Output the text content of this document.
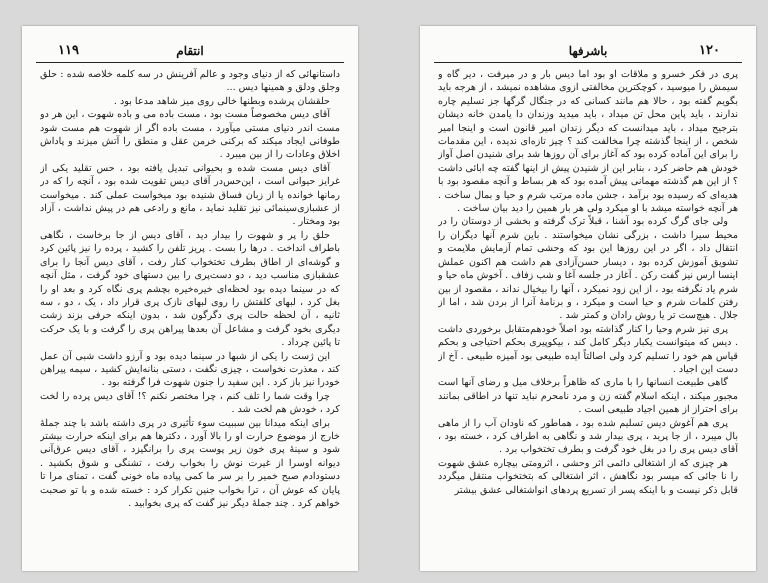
۱۱۹	انتقام

داستانهائی که از دنیای وجود و عالم آفرینش در سه کلمه خلاصه شده : حلق وجلق ودلق و همینها دیس ...

حلقشان پرشده وبطنها خالی روی میز شاهد مدعا بود .

آقای دیس مخصوصاً مست بود ، مست باده می و باده شهوت ، این هر دو مست اندر دنیای مستی میآورد ، مست باده اگر از شهوت هم مست شود طوفانی ایجاد میکند که برکنی خرمن عقل و منطق را آتش میزند و پاداش اخلاق وعادات را از بین میبرد .

آقای دیس مست شده و بحیوانی تبدیل یافته بود ، حس تقلید یکی از غرایز حیوانی است ، این‌حس‌در آقای دیس تقویت شده بود ، آنچه را که در رمانها خوانده یا از زبان فساق شنیده بود میخواست عملی کند . میخواست از عشبازی‌سینمائی نیز تقلید نماید ، مانع و رادعی هم در پیش نداشت ، آزاد بود ومختار .

حلق را پر و شهوت را بیدار دید ، آقای دیس از جا برخاست ، نگاهی باطراف انداخت . درها را بست . پریز تلفن را کشید ، پرده را نیز پائین کرد و گوشه‌ای از اطاق بطرف تختخواب کنار رفت ، آقای دیس آنجا را برای عشقبازی مناسب دید ، دو دست‌پری را بین دستهای خود گرفت ، مثل آنچه که در سینما دیده بود لحظه‌ای خیره‌خیره بچشم پری نگاه کرد و بعد او را بغل کرد ، لبهای کلفتش را روی لبهای نازک پری قرار داد ، یک ، دو ، سه ثانیه ، آن لحظه حالت پری دگرگون شد ، بدون اینکه حرفی بزند زشت دیگری بخود گرفت و مشاعل آن بعدها پیراهن پری را گرفت و با یک حرکت تا پائین چرداد .

این ژست را یکی از شبها در سینما دیده بود و آرزو داشت شبی آن عمل کند ، معذرت نخواست ، چیزی نگفت ، دستی بنانه‌ایش کشید ، سیمه پیراهن خودرا نیز باز کرد . این سفید را جنون شهوت فرا گرفته بود .

چرا وقت شما را تلف کنم ، چرا مختصر نکنم ؟! آقای دیس پرده را لخت کرد ، خودش هم لخت شد .

برای اینکه میدانا بین سببیت سوء تأثیری در پری داشته باشد با چند جملهٔ خارج از موضوع حرارت او را بالا آورد ، دکترها هم برای اینکه حرارت بیشتر شود و سینهٔ پری خون زیر پوست پری را برانگیزد ، آقای دیس عرق‌آنی دیوانه اوسرا از غیرت نوش را بخواب رفت ، تشنگی و شوق بکشید . دستودادم صبح خمیر را بر سر ما کمی پیاده ماه خونی گفت ، تمنای مرا تا پایان که عوش آن ، ترا بخواب جنین تکرار کرد : خسته شده و با تو صحبت خواهم کرد . چند جملهٔ دیگر نیز گفت که پری بخوابید .

۱۲۰
باشرفها

پری در فکر خسرو و ملاقات او بود اما دیس بار و در میرفت ، دیر گاه و سیمش را میوسید ، کوچکترین مخالفتی ازوی مشاهده نمیشد ، از هرجه باید بگویم گفته بود ، حالا هم مانند کسانی که در جنگال گرگها جز تسلیم چاره ندارند ، باید پاین محل تن میداد ، باید میدید وزندان دا یامدن خانه دیشان بترجیح میداد ، باید میدانست که دیگر زندان امیر قانون است و اینجا امیر شخص ، از اینجا گذشته چرا مخالفت کند ؟ چیز تازه‌ای ندیده ، این مقدمات را برای این آماده کرده بود که آغاز برای آن روزها شد برای شنیدن اصل آواز خودش هم حاضر کرد ، بنابر این از شنیدن پیش از اینها گفته چه ابائی داشت ؟ از این هم گذشته مهمانی پیش آمده بود که هر بساط و آنچه مقصود بود با هدیه‌ای که رسیده بود برآمد ، جشن ماده مرتب شرم و حیا و بمال ساخت . هر آنچه خواسته میشد با او میکرد ولی هر بار همین را دید بیان ساخت .

ولی جای گرگ کرده بود آشنا ، قبلاً ترک گرفته و بخشی از دوستان را در محیط سیرا داشت ، بزرگی نشان میخواستند . باین شرم آنها دیگران را انتقال داد ، اگر در این روزها این بود که وحشی تمام آزمایش ملایمت و تشویق آموزش کرده بود ، دیسار حسن‌آزادی هم داشت هم اکنون عملش اینسا ارس نیز گفت رکن . آغاز در جلسه آغا و شب زفاف . آخوش ماه حیا و شرم یاد نگرفته بود ، از این زود نمیکرد ، آنها را بیخیال نداند ، مقصود از بین رفتن کلمات شرم و حیا است و میکرد ، و برنامهٔ آنرا از بردن شد ، اما از جلال . هیچ‌ست تر یا روش رادان و کمتر شد .

پری نیز شرم وحیا را کنار گذاشته بود اصلاً خودهم‌متقابل برخوردی داشت . دیس که میتوانست یکبار دیگر کامل کند ، بیکوپیری بحکم احتیاجی و بحکم قیاس هم خود را تسلیم کرد ولی اصالتاً ایده طبیعی بود آمیزه طبیعی . آخ از دست این اجیاد .

گاهی طبیعت انسانها را با ماری که ظاهراً برخلاف میل و رضای آنها است مجبور میکند ، اینکه اسلام گفته زن و مرد نامحرم نباید تنها در اطاقی بمانند برای احتراز از همین اجیاد طبیعی است .

پری هم آغوش دیس تسلیم شده بود ، هماطور که ناودان آب را از ماهی بال میبرد ، از جا پرید ، پری بیدار شد و نگاهی به اطراف کرد ، خسته بود ، آقای دیس پری را در بغل خود گرفت و بطرف تختخواب برد .

هر چیزی که از اشتغالی دائمی اثر وحشی ، اثرومتی بیچاره عشق شهوت را نا جائی که میسر بود نگاهش ، اثر اشتغالی که بتختخواب منتقل میگردد قابل ذکر نیست و با اینکه پسر از تسریع پردهای انواشتغالی عشق بیشتر
